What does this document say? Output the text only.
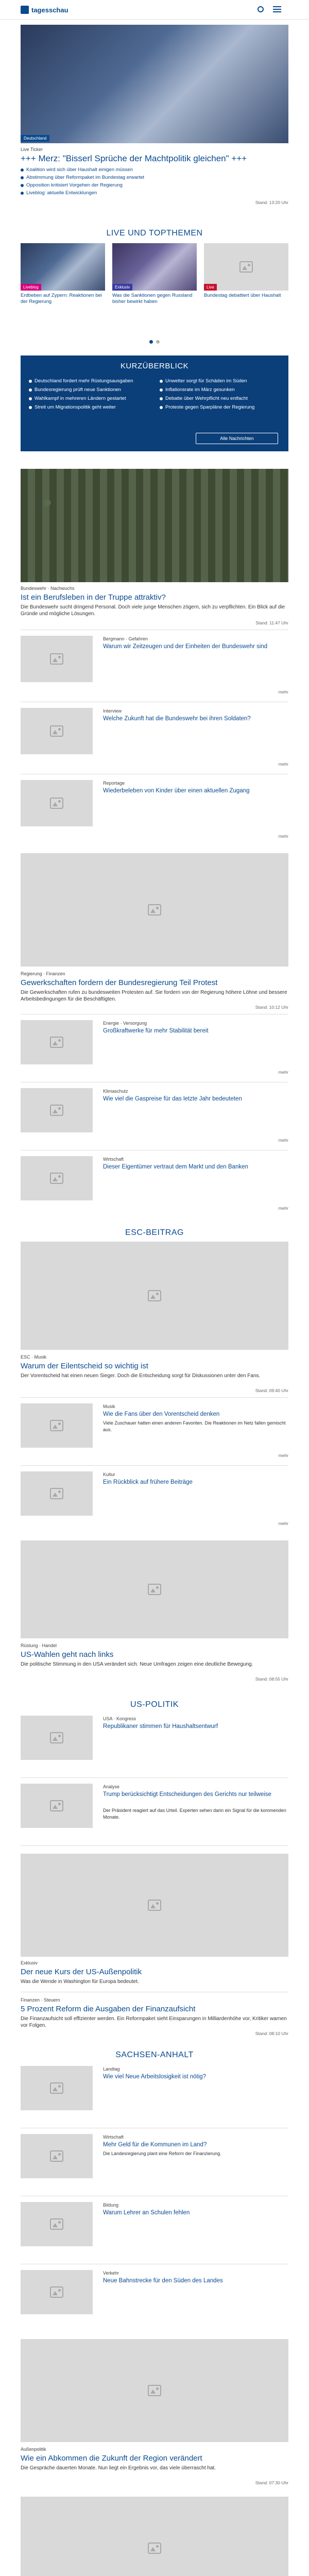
tagesschau
Deutschland
Live Ticker
+++ Merz: "Bisserl Sprüche der Machtpolitik gleichen" +++
Koalition wird sich über Haushalt einigen müssen
Abstimmung über Reformpaket im Bundestag erwartet
Opposition kritisiert Vorgehen der Regierung
Liveblog: aktuelle Entwicklungen
Stand: 13:20 Uhr
LIVE UND TOPTHEMEN
Liveblog
Erdbeben auf Zypern: Reaktionen bei der Regierung
Exklusiv
Was die Sanktionen gegen Russland bisher bewirkt haben
Live
Bundestag debattiert über Haushalt
KURZÜBERBLICK
Deutschland fordert mehr Rüstungsausgaben
Bundesregierung prüft neue Sanktionen
Wahlkampf in mehreren Ländern gestartet
Streit um Migrationspolitik geht weiter
Unwetter sorgt für Schäden im Süden
Inflationsrate im März gesunken
Debatte über Wehrpflicht neu entfacht
Proteste gegen Sparpläne der Regierung
Alle Nachrichten
Bundeswehr · Nachwuchs
Ist ein Berufsleben in der Truppe attraktiv?
Die Bundeswehr sucht dringend Personal. Doch viele junge Menschen zögern, sich zu verpflichten. Ein Blick auf die Gründe und mögliche Lösungen.
Stand: 11:47 Uhr
Bergmann · Gefahren
Warum wir Zeitzeugen und der Einheiten der Bundeswehr sind
mehr
Interview
Welche Zukunft hat die Bundeswehr bei ihren Soldaten?
mehr
Reportage
Wiederbeleben von Kinder über einen aktuellen Zugang
mehr
Regierung · Finanzen
Gewerkschaften fordern der Bundesregierung Teil Protest
Die Gewerkschaften rufen zu bundesweiten Protesten auf. Sie fordern von der Regierung höhere Löhne und bessere Arbeitsbedingungen für die Beschäftigten.
Stand: 10:12 Uhr
Energie · Versorgung
Großkraftwerke für mehr Stabilität bereit
mehr
Klimaschutz
Wie viel die Gaspreise für das letzte Jahr bedeuteten
mehr
Wirtschaft
Dieser Eigentümer vertraut dem Markt und den Banken
mehr
ESC-BEITRAG
ESC · Musik
Warum der Eilentscheid so wichtig ist
Der Vorentscheid hat einen neuen Sieger. Doch die Entscheidung sorgt für Diskussionen unter den Fans.
Stand: 09:40 Uhr
Musik
Wie die Fans über den Vorentscheid denken
Viele Zuschauer hatten einen anderen Favoriten. Die Reaktionen im Netz fallen gemischt aus.
mehr
Kultur
Ein Rückblick auf frühere Beiträge
mehr
Rüstung · Handel
US-Wahlen geht nach links
Die politische Stimmung in den USA verändert sich. Neue Umfragen zeigen eine deutliche Bewegung.
Stand: 08:55 Uhr
US-POLITIK
USA · Kongress
Republikaner stimmen für Haushaltsentwurf
Analyse
Trump berücksichtigt Entscheidungen des Gerichts nur teilweise
Der Präsident reagiert auf das Urteil. Experten sehen darin ein Signal für die kommenden Monate.
Exklusiv
Der neue Kurs der US-Außenpolitik
Was die Wende in Washington für Europa bedeutet.
Finanzen · Steuern
5 Prozent Reform die Ausgaben der Finanzaufsicht
Die Finanzaufsicht soll effizienter werden. Ein Reformpaket sieht Einsparungen in Milliardenhöhe vor, Kritiker warnen vor Folgen.
Stand: 08:10 Uhr
SACHSEN-ANHALT
Landtag
Wie viel Neue Arbeitslosigkeit ist nötig?
Wirtschaft
Mehr Geld für die Kommunen im Land?
Die Landesregierung plant eine Reform der Finanzierung.
Bildung
Warum Lehrer an Schulen fehlen
Verkehr
Neue Bahnstrecke für den Süden des Landes
Außenpolitik
Wie ein Abkommen die Zukunft der Region verändert
Die Gespräche dauerten Monate. Nun liegt ein Ergebnis vor, das viele überrascht hat.
Stand: 07:30 Uhr
